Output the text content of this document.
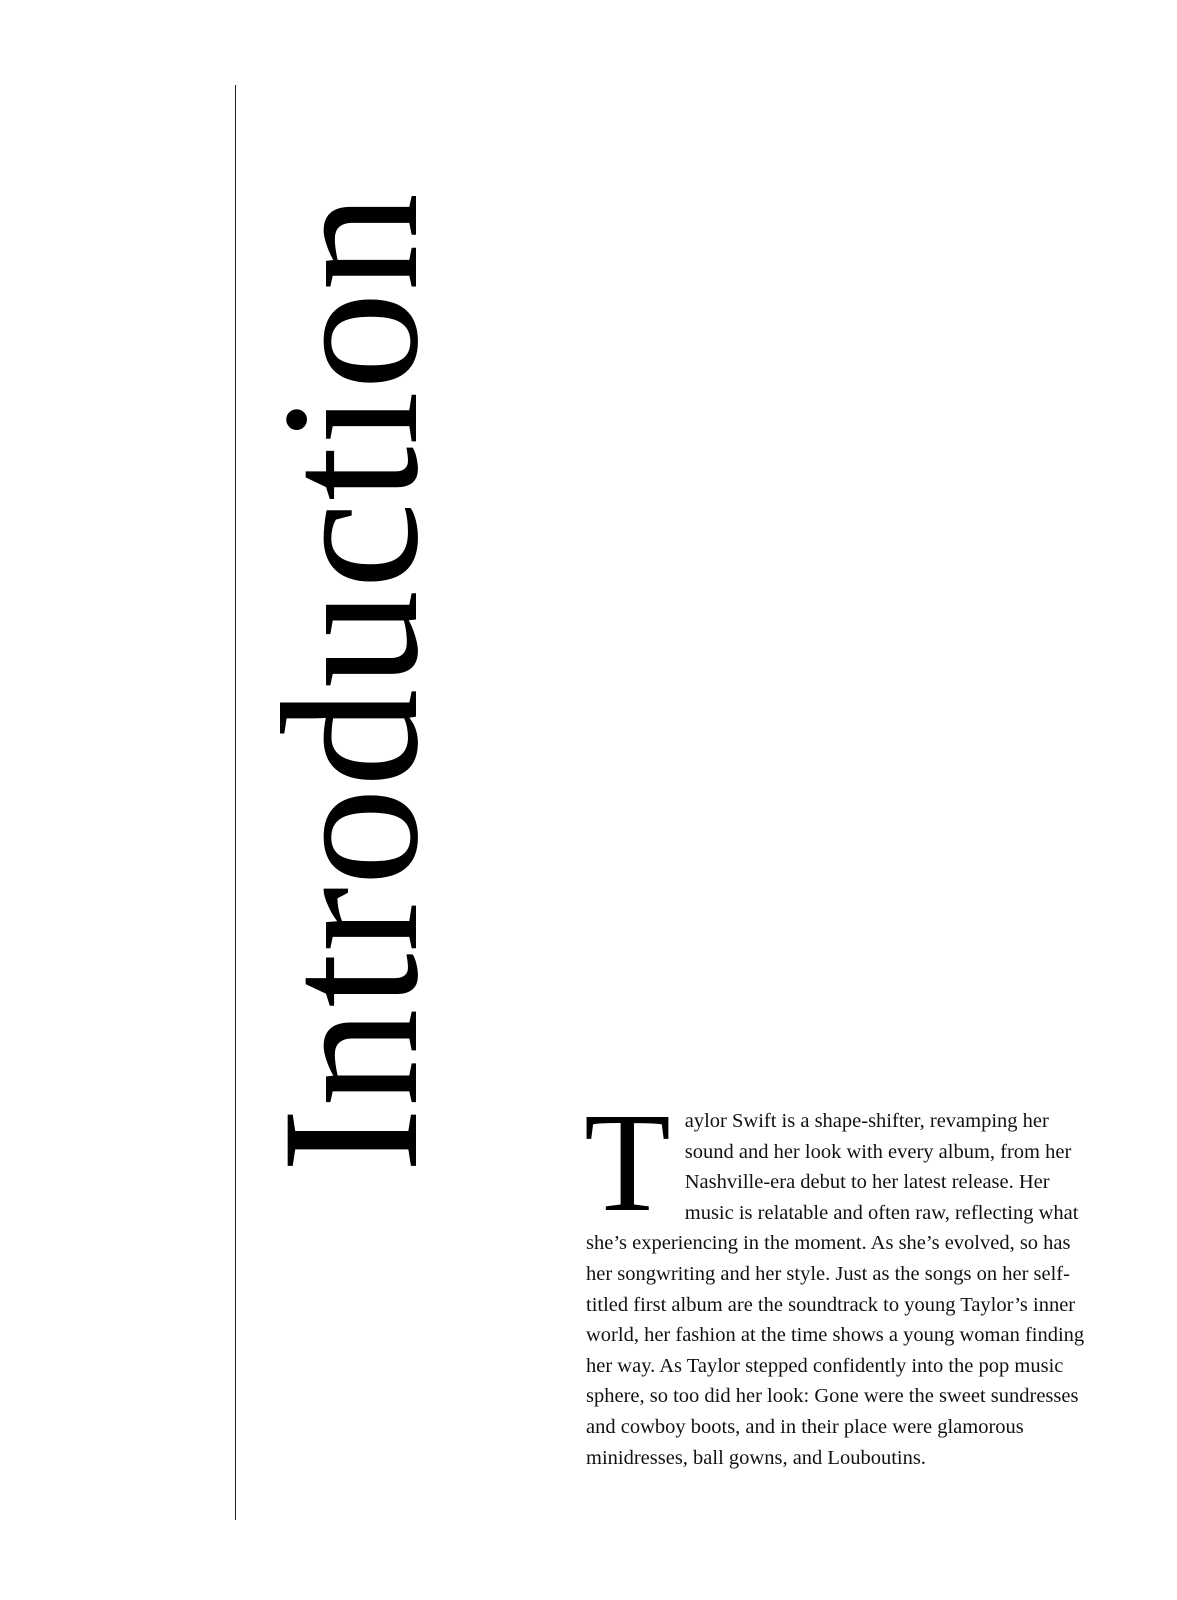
Introduction Taylor Swift is a shape-shifter, revamping her sound and her look with every album, from her Nashville-era debut to her latest release. Her music is relatable and often raw, reflecting what she’s experiencing in the moment. As she’s evolved, so has her songwriting and her style. Just as the songs on her self-titled first album are the soundtrack to young Taylor’s inner world, her fashion at the time shows a young woman finding her way. As Taylor stepped confidently into the pop music sphere, so too did her look: Gone were the sweet sundresses and cowboy boots, and in their place were glamorous minidresses, ball gowns, and Louboutins.
